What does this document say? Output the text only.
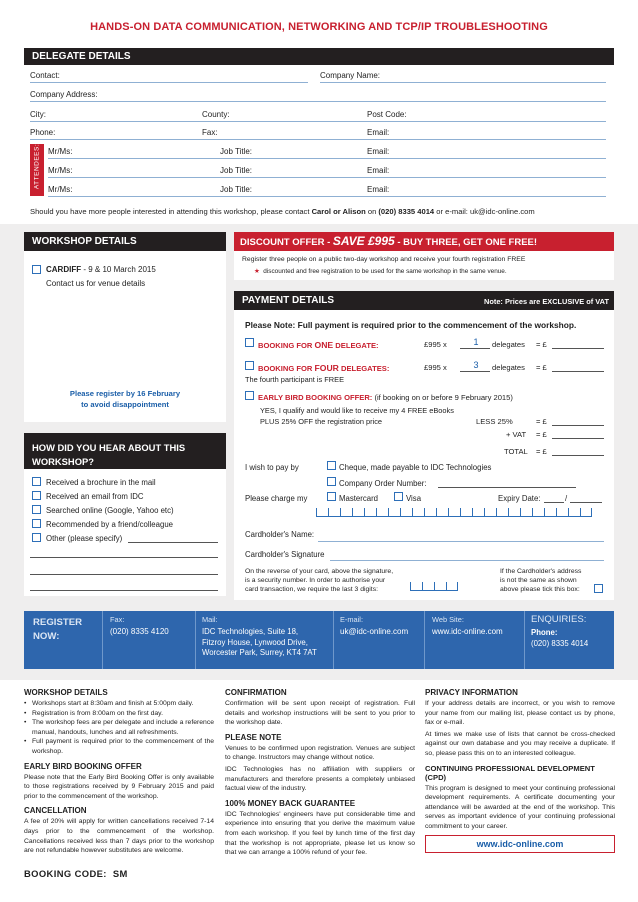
HANDS-ON DATA COMMUNICATION, NETWORKING AND TCP/IP TROUBLESHOOTING
DELEGATE DETAILS
Contact:	Company Name:
Company Address:
City:	County:	Post Code:
Phone:	Fax:	Email:
ATTENDEES: Mr/Ms:	Job Title:	Email:
Mr/Ms:	Job Title:	Email:
Mr/Ms:	Job Title:	Email:
Should you have more people interested in attending this workshop, please contact Carol or Alison on (020) 8335 4014 or e-mail: uk@idc-online.com
WORKSHOP DETAILS
CARDIFF - 9 & 10 March 2015
Contact us for venue details
Please register by 16 February
to avoid disappointment
HOW DID YOU HEAR ABOUT THIS
WORKSHOP?
Received a brochure in the mail
Received an email from IDC
Searched online (Google, Yahoo etc)
Recommended by a friend/colleague
Other (please specify)
DISCOUNT OFFER - SAVE £995 - BUY THREE, GET ONE FREE!
Register three people on a public two-day workshop and receive your fourth registration FREE
★ discounted and free registration to be used for the same workshop in the same venue.
PAYMENT DETAILS	Note: Prices are EXCLUSIVE of VAT
Please Note: Full payment is required prior to the commencement of the workshop.
BOOKING FOR ONE DELEGATE:	£995 x	1	delegates = £
BOOKING FOR FOUR DELEGATES:	£995 x	3	delegates = £
The fourth participant is FREE
EARLY BIRD BOOKING OFFER: (if booking on or before 9 February 2015)
YES, I qualify and would like to receive my 4 FREE eBooks
PLUS 25% OFF the registration price	LESS 25%	= £
+ VAT = £
TOTAL = £
I wish to pay by	Cheque, made payable to IDC Technologies
Company Order Number:
Please charge my	Mastercard	Visa	Expiry Date:	/
Cardholder's Name:
Cardholder's Signature
On the reverse of your card, above the signature,
is a security number. In order to authorise your
card transaction, we require the last 3 digits:
If the Cardholder's address
is not the same as shown
above please tick this box:
REGISTER
NOW:
Fax:
(020) 8335 4120
Mail:
IDC Technologies, Suite 18,
Fitzroy House, Lynwood Drive,
Worcester Park, Surrey, KT4 7AT
E-mail:
uk@idc-online.com
Web Site:
www.idc-online.com
ENQUIRIES:
Phone:
(020) 8335 4014
WORKSHOP DETAILS
• Workshops start at 8:30am and finish at 5:00pm daily.
• Registration is from 8:00am on the first day.
• The workshop fees are per delegate and include a reference manual, handouts, lunches and all refreshments.
• Full payment is required prior to the commencement of the workshop.
EARLY BIRD BOOKING OFFER
Please note that the Early Bird Booking Offer is only available to those registrations received by 9 February 2015 and paid prior to the commencement of the workshop.
CANCELLATION
A fee of 20% will apply for written cancellations received 7-14 days prior to the commencement of the workshop. Cancellations received less than 7 days prior to the workshop are not refundable however substitutes are welcome.
CONFIRMATION
Confirmation will be sent upon receipt of registration. Full details and workshop instructions will be sent to you prior to the workshop date.
PLEASE NOTE
Venues to be confirmed upon registration. Venues are subject to change. Instructors may change without notice.
IDC Technologies has no affiliation with suppliers or manufacturers and therefore presents a completely unbiased factual view of the industry.
100% MONEY BACK GUARANTEE
IDC Technologies' engineers have put considerable time and experience into ensuring that you derive the maximum value from each workshop. If you feel by lunch time of the first day that the workshop is not appropriate, please let us know so that we can arrange a 100% refund of your fee.
PRIVACY INFORMATION
If your address details are incorrect, or you wish to remove your name from our mailing list, please contact us by phone, fax or e-mail.
At times we make use of lists that cannot be cross-checked against our own database and you may receive a duplicate. If so, please pass this on to an interested colleague.
CONTINUING PROFESSIONAL DEVELOPMENT (CPD)
This program is designed to meet your continuing professional development requirements. A certificate documenting your attendance will be awarded at the end of the workshop. This serves as important evidence of your continuing professional commitment to your career.
www.idc-online.com
BOOKING CODE: SM
